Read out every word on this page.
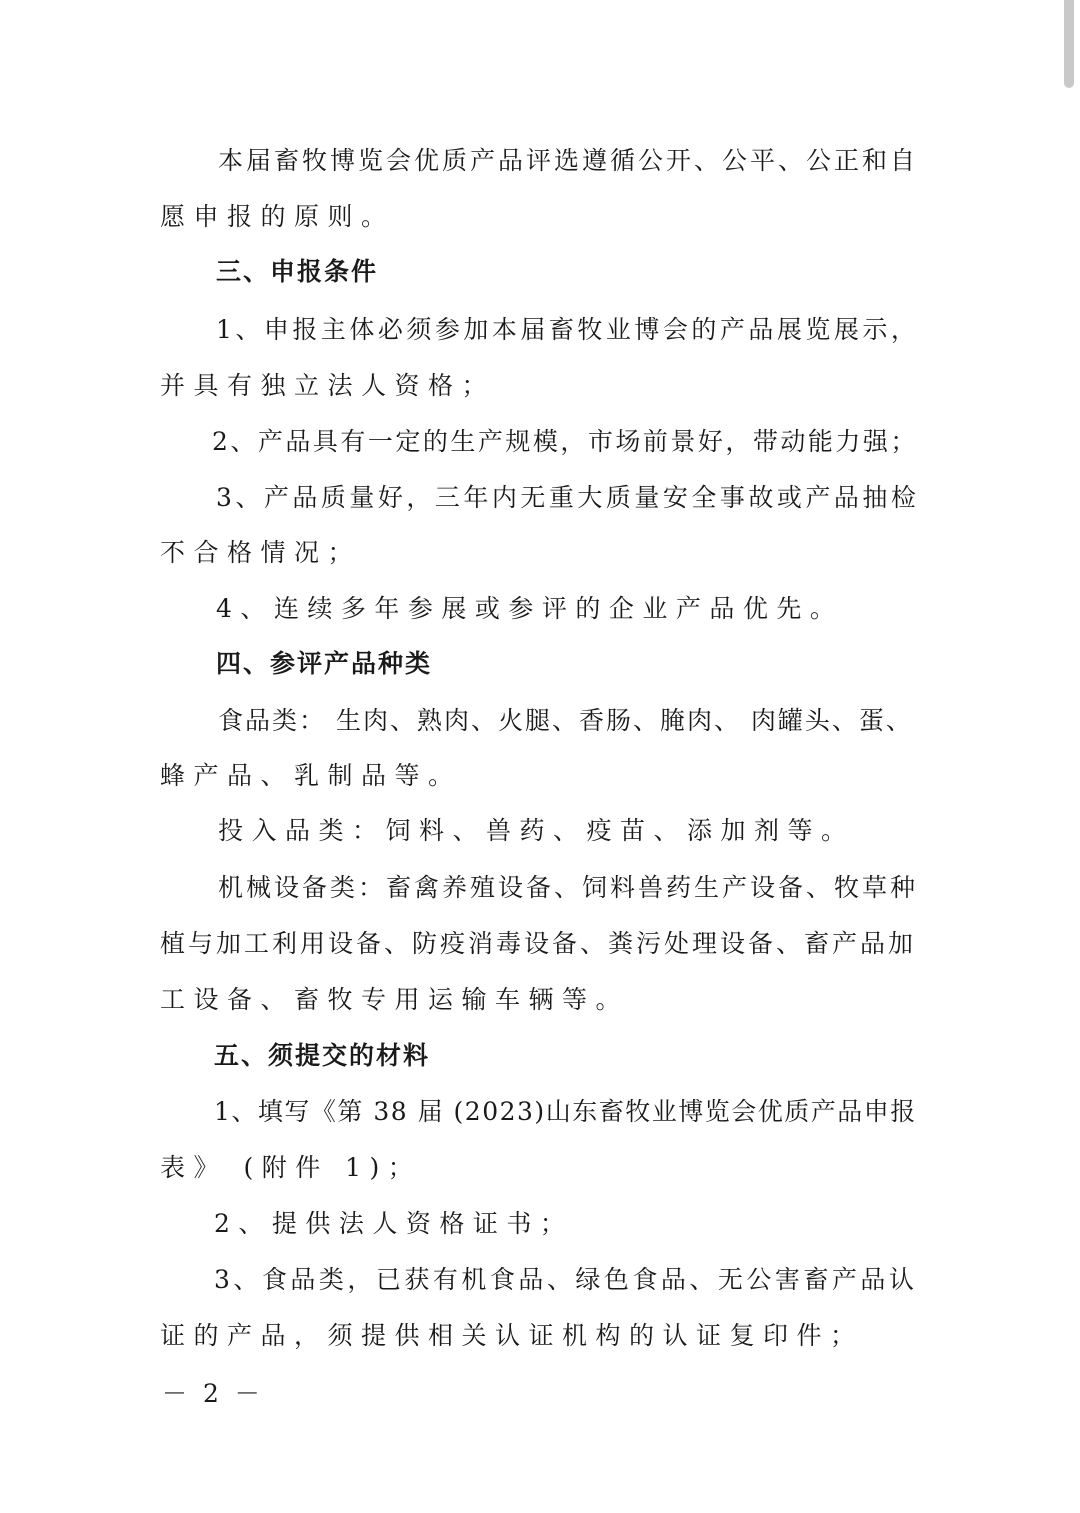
本届畜牧博览会优质产品评选遵循公开、公平、公正和自
愿申报的原则。
三、申报条件
1、申报主体必须参加本届畜牧业博会的产品展览展示，
并具有独立法人资格；
2、产品具有一定的生产规模，市场前景好，带动能力强；
3、产品质量好，三年内无重大质量安全事故或产品抽检
不合格情况；
4、连续多年参展或参评的企业产品优先。
四、参评产品种类
食品类： 生肉、熟肉、火腿、香肠、腌肉、 肉罐头、蛋、
蜂产品、乳制品等。
投入品类：饲料、兽药、疫苗、添加剂等。
机械设备类：畜禽养殖设备、饲料兽药生产设备、牧草种
植与加工利用设备、防疫消毒设备、粪污处理设备、畜产品加
工设备、畜牧专用运输车辆等。
五、须提交的材料
1、填写《第 38 届 (2023)山东畜牧业博览会优质产品申报
表》 (附件 1)；
2、提供法人资格证书；
3、食品类，已获有机食品、绿色食品、无公害畜产品认
证的产品，须提供相关认证机构的认证复印件；
－ 2 －
